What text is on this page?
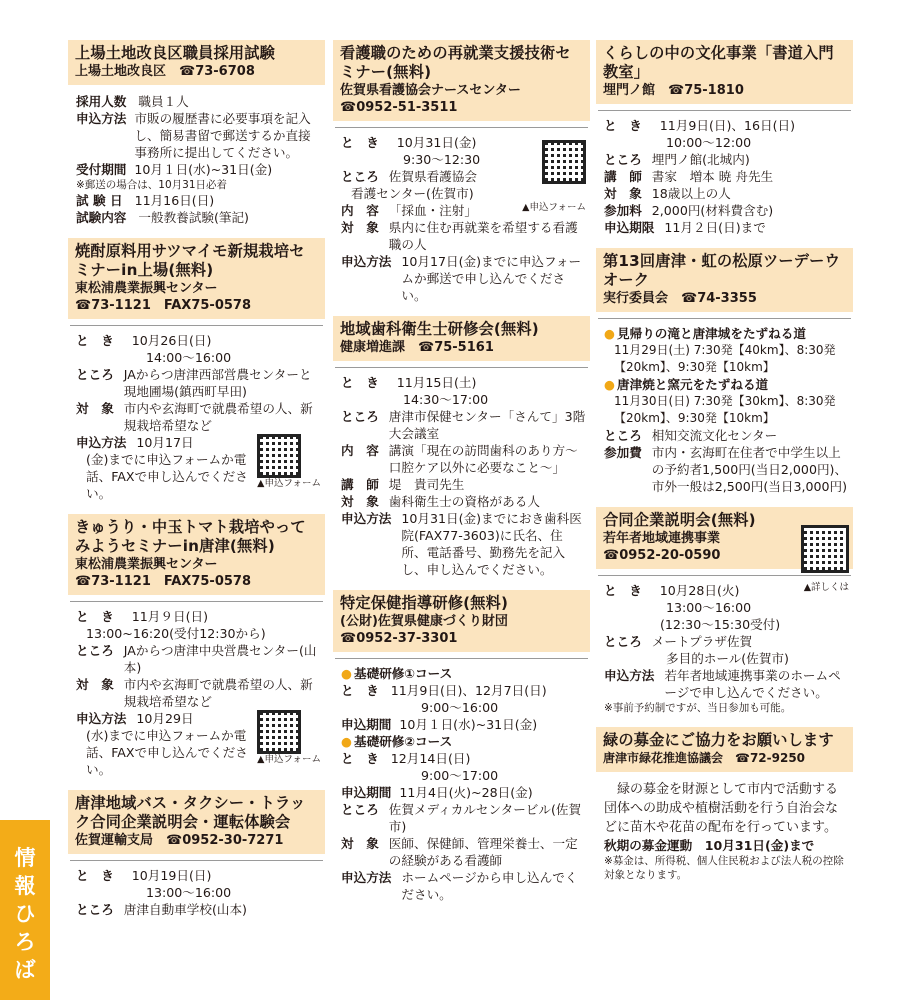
上場土地改良区職員採用試験
上場土地改良区　☎73-6708
採用人数 職員１人
申込方法 市販の履歴書に必要事項を記入し、簡易書留で郵送するか直接事務所に提出してください。
受付期間 10月１日(水)~31日(金)
※郵送の場合は、10月31日必着
試 験 日 11月16日(日)
試験内容 一般教養試験(筆記)
焼酎原料用サツマイモ新規栽培セミナーin上場(無料)
東松浦農業振興センター
☎73-1121　FAX75-0578
と　き	10月26日(日)
14:00～16:00
ところ JAからつ唐津西部営農センターと現地圃場(鎮西町早田)
対　象 市内や玄海町で就農希望の人、新規栽培希望など
▲申込フォーム
申込方法 10月17日
(金)までに申込フォームか電話、FAXで申し込んでください。
きゅうり・中玉トマト栽培やってみようセミナーin唐津(無料)
東松浦農業振興センター
☎73-1121　FAX75-0578
と　き	11月９日(日)
13:00~16:20(受付12:30から)
ところ JAからつ唐津中央営農センター(山本)
対　象 市内や玄海町で就農希望の人、新規栽培希望など
▲申込フォーム
申込方法 10月29日
(水)までに申込フォームか電話、FAXで申し込んでください。
唐津地域バス・タクシー・トラック合同企業説明会・運転体験会
佐賀運輸支局　☎0952-30-7271
と　き	10月19日(日)
13:00～16:00
ところ 唐津自動車学校(山本)
看護職のための再就業支援技術セミナー(無料)
佐賀県看護協会ナースセンター
☎0952-51-3511
と　き	10月31日(金)
9:30～12:30
ところ 佐賀県看護協会
看護センター(佐賀市)
内　容 「採血・注射」	▲申込フォーム
対　象 県内に住む再就業を希望する看護職の人
申込方法 10月17日(金)までに申込フォームか郵送で申し込んでください。
地域歯科衛生士研修会(無料)
健康増進課　☎75-5161
と　き	11月15日(土)
14:30～17:00
ところ 唐津市保健センター「さんて」3階　大会議室
内　容 講演「現在の訪問歯科のあり方～口腔ケア以外に必要なこと～」
講　師 堤　貴司先生
対　象 歯科衛生士の資格がある人
申込方法 10月31日(金)までにおき歯科医院(FAX77-3603)に氏名、住所、電話番号、勤務先を記入し、申し込んでください。
特定保健指導研修(無料)
(公財)佐賀県健康づくり財団
☎0952-37-3301
● 基礎研修①コース
と　き 11月9日(日)、12月7日(日)
9:00～16:00
申込期間 10月１日(水)~31日(金)
● 基礎研修②コース
と　き 12月14日(日)
9:00～17:00
申込期間 11月4日(火)~28日(金)
ところ 佐賀メディカルセンタービル(佐賀市)
対　象 医師、保健師、管理栄養士、一定の経験がある看護師
申込方法 ホームページから申し込んでください。
くらしの中の文化事業「書道入門教室」
埋門ノ館　☎75-1810
と　き	11月9日(日)、16日(日)
10:00～12:00
ところ 埋門ノ館(北城内)
講　師 書家　増本 暁 舟先生
対　象 18歳以上の人
参加料 2,000円(材料費含む)
申込期限 11月２日(日)まで
第13回唐津・虹の松原ツーデーウオーク
実行委員会　☎74-3355
● 見帰りの滝と唐津城をたずねる道
11月29日(土) 7:30発【40km】、8:30発【20km】、9:30発【10km】
● 唐津焼と窯元をたずねる道
11月30日(日) 7:30発【30km】、8:30発【20km】、9:30発【10km】
ところ 相知交流文化センター
参加費 市内・玄海町在住者で中学生以上の予約者1,500円(当日2,000円)、市外一般は2,500円(当日3,000円)
合同企業説明会(無料)
若年者地域連携事業
☎0952-20-0590
と　き	10月28日(火)	▲詳しくは
13:00～16:00
(12:30～15:30受付)
ところ メートプラザ佐賀
多目的ホール(佐賀市)
申込方法 若年者地域連携事業のホームページで申し込んでください。
※事前予約制ですが、当日参加も可能。
緑の募金にご協力をお願いします
唐津市緑花推進協議会　☎72-9250
緑の募金を財源として市内で活動する団体への助成や植樹活動を行う自治会などに苗木や花苗の配布を行っています。
秋期の募金運動　10月31日(金)まで
※募金は、所得税、個人住民税および法人税の控除対象となります。
情
報
ひ
ろ
ば
